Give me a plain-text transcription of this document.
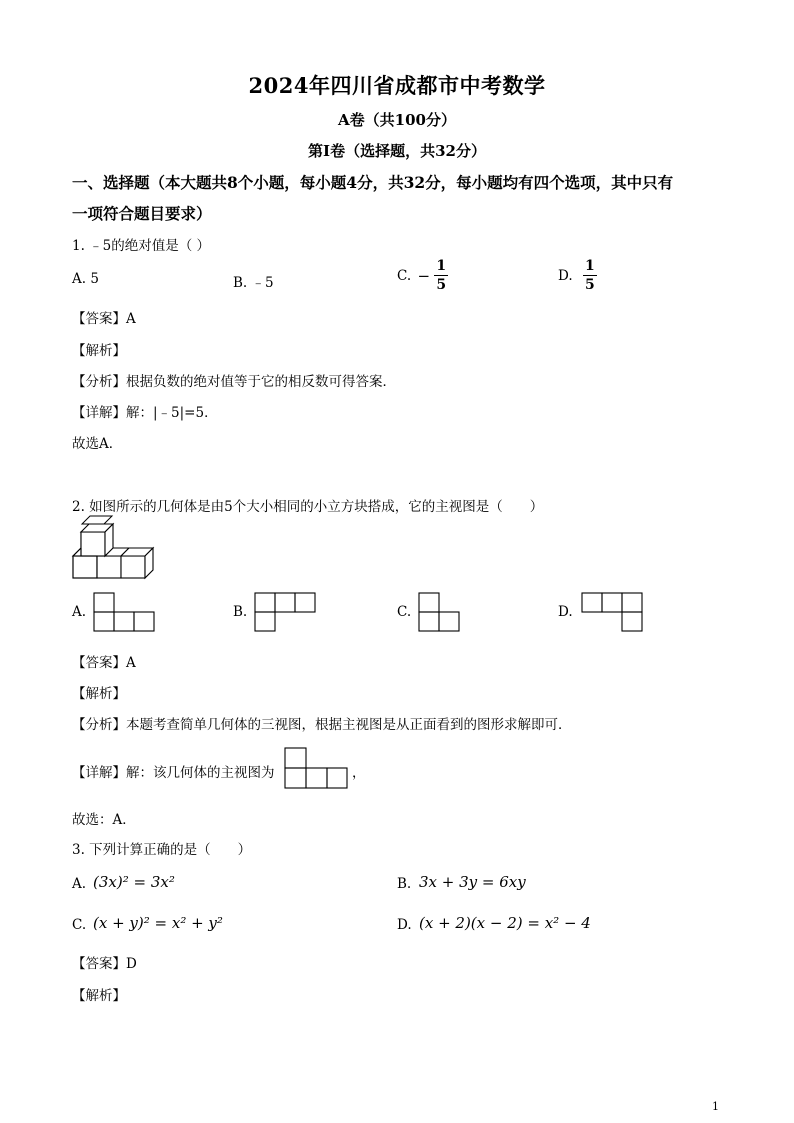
2024年四川省成都市中考数学
A卷（共100分）
第Ⅰ卷（选择题，共32分）
一、选择题（本大题共8个小题，每小题4分，共32分，每小题均有四个选项，其中只有
一项符合题目要求）
1. ﹣5的绝对值是（ ）
A. 5	B. ﹣5	C. − $\frac{1}{5}$	D. $\frac{1}{5}$
【答案】A
【解析】
【分析】根据负数的绝对值等于它的相反数可得答案．
【详解】解：|﹣5|=5．
故选A．
2. 如图所示的几何体是由5个大小相同的小立方块搭成，它的主视图是（　　）
A.	B.	C.	D.
【答案】A
【解析】
【分析】本题考查简单几何体的三视图，根据主视图是从正面看到的图形求解即可．
【详解】解：该几何体的主视图为	，
故选：A．
3. 下列计算正确的是（　　）
A. (3x)² = 3x²	B. 3x + 3y = 6xy
C. (x + y)² = x² + y²	D. (x + 2)(x − 2) = x² − 4
【答案】D
【解析】
1
